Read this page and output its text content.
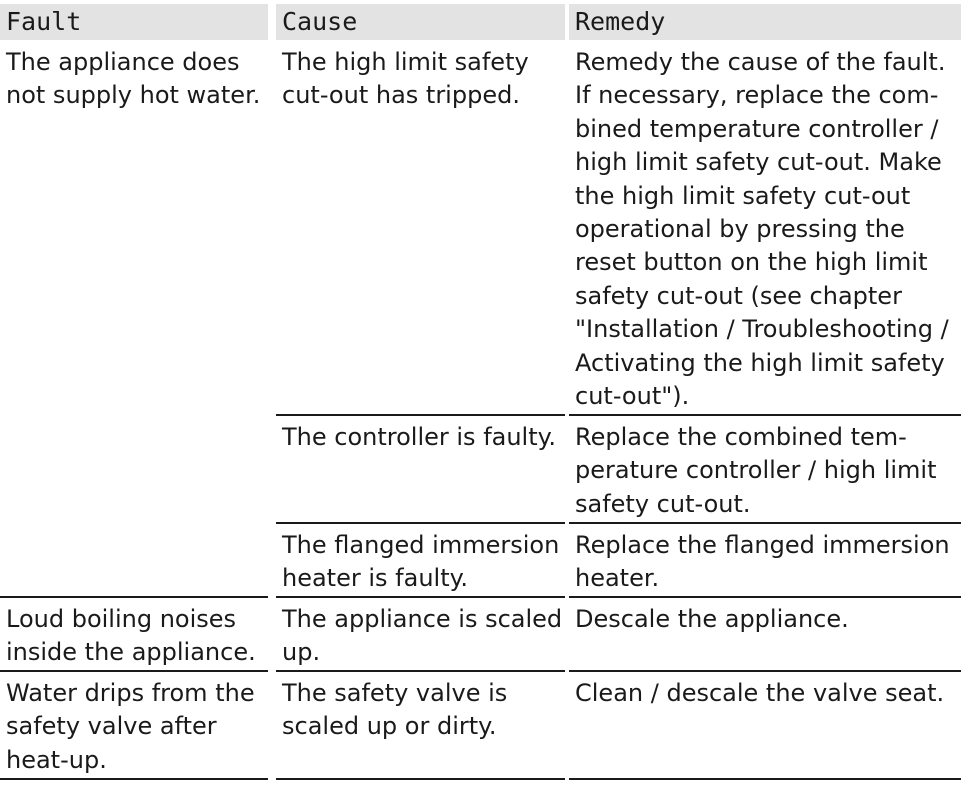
Fault	Cause	Remedy
The appliance does
not supply hot water.
The high limit safety
cut-out has tripped.
Remedy the cause of the fault.
If necessary, replace the com-
bined temperature controller /
high limit safety cut-out. Make
the high limit safety cut-out
operational by pressing the
reset button on the high limit
safety cut-out (see chapter
"Installation / Troubleshooting /
Activating the high limit safety
cut-out").
The controller is faulty. Replace the combined tem-
perature controller / high limit
safety cut-out.
The flanged immersion
heater is faulty.
Replace the flanged immersion
heater.
Loud boiling noises
inside the appliance.
The appliance is scaled
up.
Descale the appliance.
Water drips from the
safety valve after
heat-up.
The safety valve is
scaled up or dirty.
Clean / descale the valve seat.
